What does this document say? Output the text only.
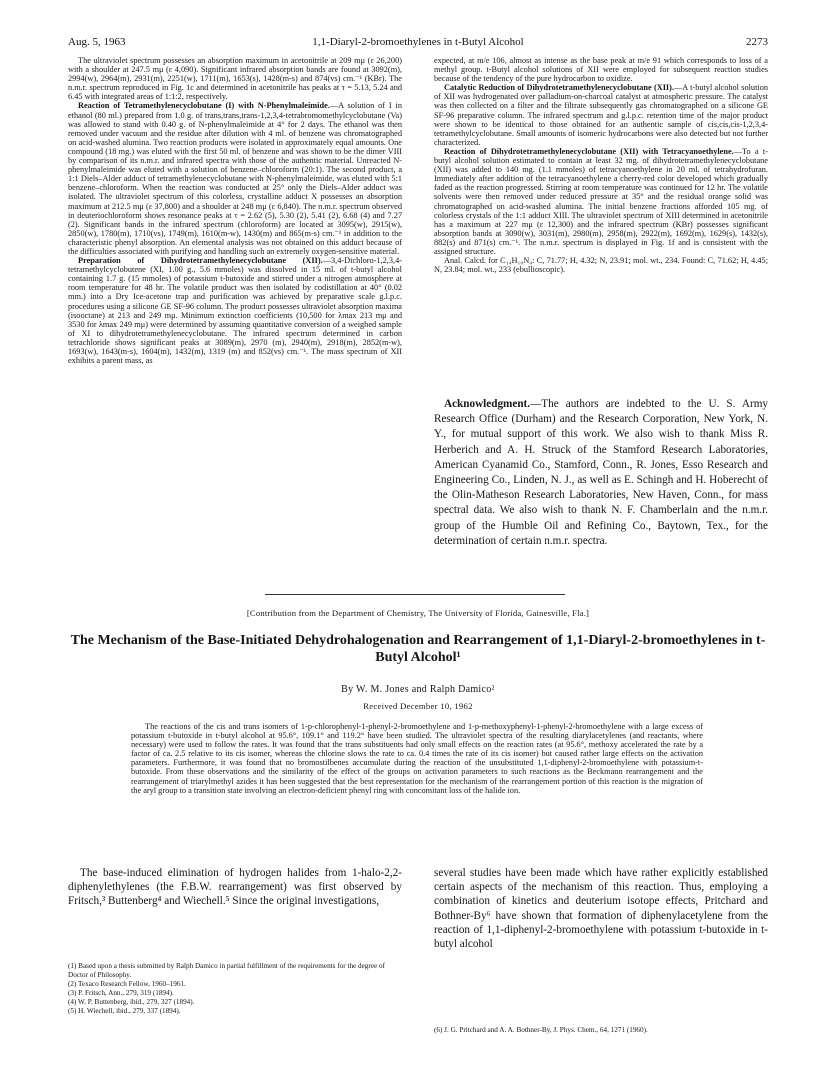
Aug. 5, 1963	1,1-Diaryl-2-bromoethylenes in t-Butyl Alcohol	2273

The ultraviolet spectrum possesses an absorption maximum in acetonitrile at 209 mμ (ε 26,200) with a shoulder at 247.5 mμ (ε 4,090). Significant infrared absorption bands are found at 3092(m), 2994(w), 2964(m), 2931(m), 2251(w), 1711(m), 1653(s), 1428(m-s) and 874(vs) cm.⁻¹ (KBr). The n.m.r. spectrum reproduced in Fig. 1c and determined in acetonitrile has peaks at τ = 5.13, 5.24 and 6.45 with integrated areas of 1:1:2, respectively.

Reaction of Tetramethylenecyclobutane (I) with N-Phenylmaleimide.—A solution of I in ethanol (80 ml.) prepared from 1.0 g. of trans,trans,trans-1,2,3,4-tetrabromomethylcyclobutane (Va) was allowed to stand with 0.40 g. of N-phenylmaleimide at 4° for 2 days. The ethanol was then removed under vacuum and the residue after dilution with 4 ml. of benzene was chromatographed on acid-washed alumina. Two reaction products were isolated in approximately equal amounts. One compound (18 mg.) was eluted with the first 50 ml. of benzene and was shown to be the dimer VIII by comparison of its n.m.r. and infrared spectra with those of the authentic material. Unreacted N-phenylmaleimide was eluted with a solution of benzene–chloroform (20:1). The second product, a 1:1 Diels–Alder adduct of tetramethylenecyclobutane with N-phenylmaleimide, was eluted with 5:1 benzene–chloroform. When the reaction was conducted at 25° only the Diels–Alder adduct was isolated. The ultraviolet spectrum of this colorless, crystalline adduct X possesses an absorption maximum at 212.5 mμ (ε 37,800) and a shoulder at 248 mμ (ε 6,840). The n.m.r. spectrum observed in deuteriochloroform shows resonance peaks at τ = 2.62 (5), 5.30 (2), 5.41 (2), 6.68 (4) and 7.27 (2). Significant bands in the infrared spectrum (chloroform) are located at 3095(w), 2915(w), 2850(w), 1780(m), 1710(vs), 1749(m), 1610(m-w), 1430(m) and 865(m-s) cm.⁻¹ in addition to the characteristic phenyl absorption. An elemental analysis was not obtained on this adduct because of the difficulties associated with purifying and handling such an extremely oxygen-sensitive material.

Preparation of Dihydrotetramethylenecyclobutane (XII).—3,4-Dichloro-1,2,3,4-tetramethylcyclobutene (XI, 1.00 g., 5.6 mmoles) was dissolved in 15 ml. of t-butyl alcohol containing 1.7 g. (15 mmoles) of potassium t-butoxide and stirred under a nitrogen atmosphere at room temperature for 48 hr. The volatile product was then isolated by codistillation at 40° (0.02 mm.) into a Dry Ice-acetone trap and purification was achieved by preparative scale g.l.p.c. procedures using a silicone GE SF-96 column. The product possesses ultraviolet absorption maxima (isooctane) at 213 and 249 mμ. Minimum extinction coefficients (10,500 for λmax 213 mμ and 3530 for λmax 249 mμ) were determined by assuming quantitative conversion of a weighed sample of XI to dihydrotetramethylenecyclobutane. The infrared spectrum determined in carbon tetrachloride shows significant peaks at 3089(m), 2970 (m), 2940(m), 2918(m), 2852(m-w), 1693(w), 1643(m-s), 1604(m), 1432(m), 1319 (m) and 852(vs) cm.⁻¹. The mass spectrum of XII exhibits a parent mass, as

expected, at m/e 106, almost as intense as the base peak at m/e 91 which corresponds to loss of a methyl group. t-Butyl alcohol solutions of XII were employed for subsequent reaction studies because of the tendency of the pure hydrocarbon to oxidize.

Catalytic Reduction of Dihydrotetramethylenecyclobutane (XII).—A t-butyl alcohol solution of XII was hydrogenated over palladium-on-charcoal catalyst at atmospheric pressure. The catalyst was then collected on a filter and the filtrate subsequently gas chromatographed on a silicone GE SF-96 preparative column. The infrared spectrum and g.l.p.c. retention time of the major product were shown to be identical to those obtained for an authentic sample of cis,cis,cis-1,2,3,4-tetramethylcyclobutane. Small amounts of isomeric hydrocarbons were also detected but not further characterized.

Reaction of Dihydrotetramethylenecyclobutane (XII) with Tetracyanoethylene.—To a t-butyl alcohol solution estimated to contain at least 32 mg. of dihydrotetramethylenecyclobutane (XII) was added to 140 mg. (1.1 mmoles) of tetracyanoethylene in 20 ml. of tetrahydrofuran. Immediately after addition of the tetracyanoethylene a cherry-red color developed which gradually faded as the reaction progressed. Stirring at room temperature was continued for 12 hr. The volatile solvents were then removed under reduced pressure at 35° and the residual orange solid was chromatographed on acid-washed alumina. The initial benzene fractions afforded 105 mg. of colorless crystals of the 1:1 adduct XIII. The ultraviolet spectrum of XIII determined in acetonitrile has a maximum at 227 mμ (ε 12,300) and the infrared spectrum (KBr) possesses significant absorption bands at 3090(w), 3031(m), 2980(m), 2958(m), 2922(m), 1692(m), 1629(s), 1432(s), 882(s) and 871(s) cm.⁻¹. The n.m.r. spectrum is displayed in Fig. 1f and is consistent with the assigned structure.

Anal. Calcd. for C₁₄H₁₀N₄: C, 71.77; H, 4.32; N, 23.91; mol. wt., 234. Found: C, 71.62; H, 4.45; N, 23.84; mol. wt., 233 (ebullioscopic).

Acknowledgment.—The authors are indebted to the U. S. Army Research Office (Durham) and the Research Corporation, New York, N. Y., for mutual support of this work. We also wish to thank Miss R. Herberich and A. H. Struck of the Stamford Research Laboratories, American Cyanamid Co., Stamford, Conn., R. Jones, Esso Research and Engineering Co., Linden, N. J., as well as E. Schingh and H. Hoberecht of the Olin-Matheson Research Laboratories, New Haven, Conn., for mass spectral data. We also wish to thank N. F. Chamberlain and the n.m.r. group of the Humble Oil and Refining Co., Baytown, Tex., for the determination of certain n.m.r. spectra.

[Contribution from the Department of Chemistry, The University of Florida, Gainesville, Fla.]
The Mechanism of the Base-Initiated Dehydrohalogenation and Rearrangement of 1,1-Diaryl-2-bromoethylenes in t-Butyl Alcohol¹
By W. M. Jones and Ralph Damico²
Received December 10, 1962

The reactions of the cis and trans isomers of 1-p-chlorophenyl-1-phenyl-2-bromoethylene and 1-p-methoxyphenyl-1-phenyl-2-bromoethylene with a large excess of potassium t-butoxide in t-butyl alcohol at 95.6°, 109.1° and 119.2° have been studied. The ultraviolet spectra of the resulting diarylacetylenes (and reactants, where necessary) were used to follow the rates. It was found that the trans substituents had only small effects on the reaction rates (at 95.6°, methoxy accelerated the rate by a factor of ca. 2.5 relative to its cis isomer, whereas the chlorine slows the rate to ca. 0.4 times the rate of its cis isomer) but caused rather large effects on the activation parameters. Furthermore, it was found that no bromostilbenes accumulate during the reaction of the unsubstituted 1,1-diphenyl-2-bromoethylene with potassium-t-butoxide. From these observations and the similarity of the effect of the groups on activation parameters to such reactions as the Beckmann rearrangement and the rearrangement of triarylmethyl azides it has been suggested that the best representation for the mechanism of the rearrangement portion of this reaction is the migration of the aryl group to a transition state involving an electron-deficient phenyl ring with concomitant loss of the halide ion.

The base-induced elimination of hydrogen halides from 1-halo-2,2-diphenylethylenes (the F.B.W. rearrangement) was first observed by Fritsch,³ Buttenberg⁴ and Wiechell.⁵ Since the original investigations,

several studies have been made which have rather explicitly established certain aspects of the mechanism of this reaction. Thus, employing a combination of kinetics and deuterium isotope effects, Pritchard and Bothner-By⁶ have shown that formation of diphenylacetylene from the reaction of 1,1-diphenyl-2-bromoethylene with potassium t-butoxide in t-butyl alcohol

(1) Based upon a thesis submitted by Ralph Damico in partial fulfillment of the requirements for the degree of Doctor of Philosophy.
(2) Texaco Research Fellow, 1960–1961.
(3) P. Fritsch, Ann., 279, 319 (1894).
(4) W. P. Buttenberg, ibid., 279, 327 (1894).
(5) H. Wiechell, ibid., 279, 337 (1894).
(6) J. G. Pritchard and A. A. Bothner-By, J. Phys. Chem., 64, 1271 (1960).
